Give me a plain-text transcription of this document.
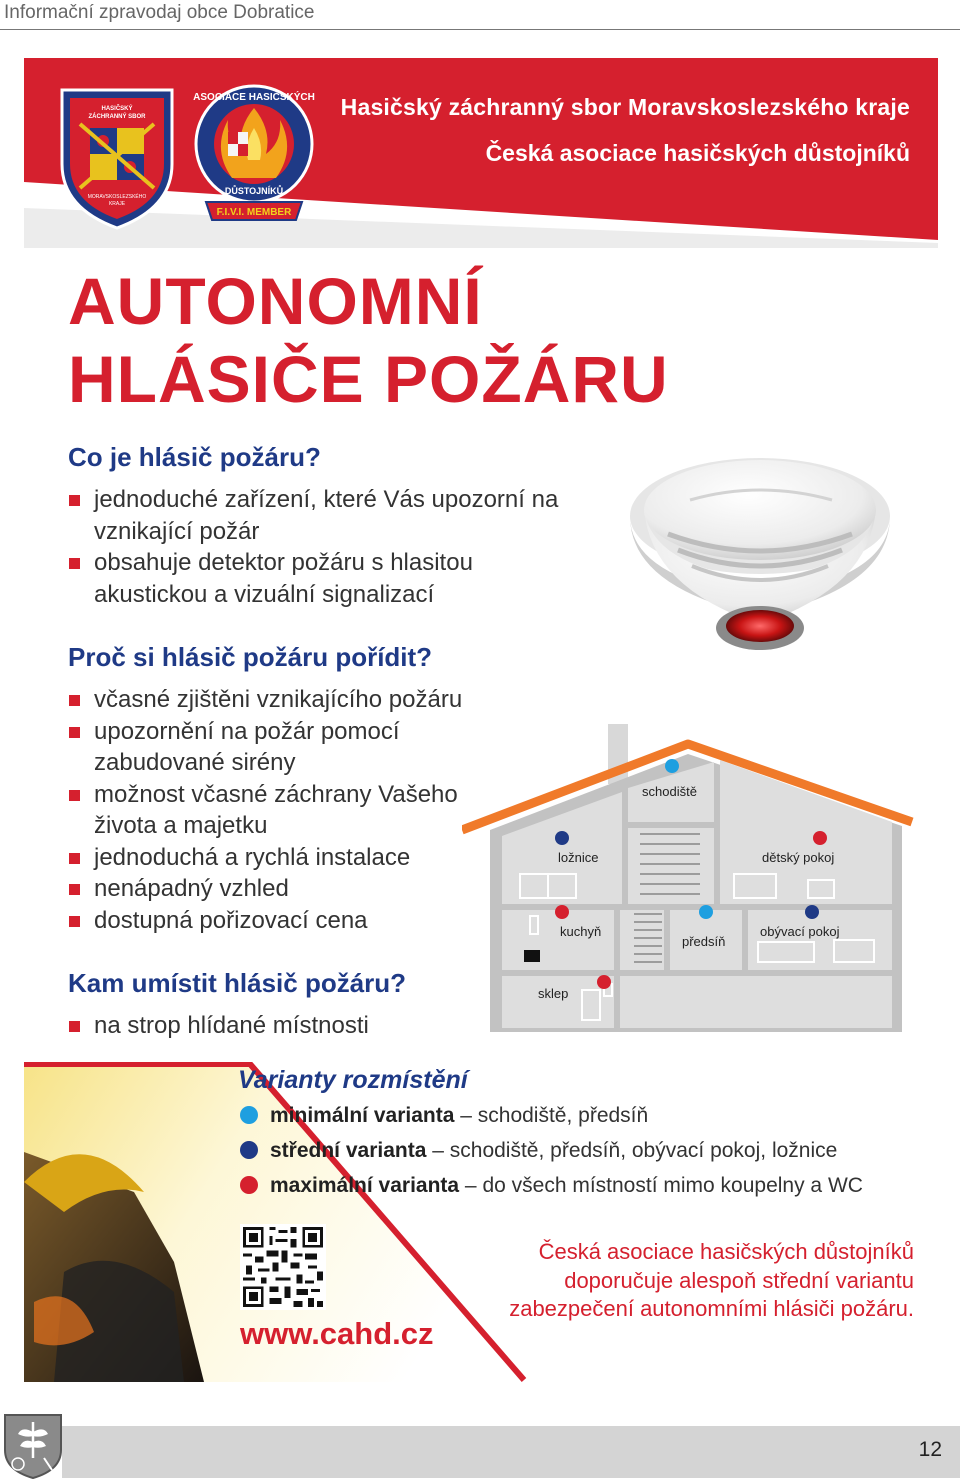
Informační zpravodaj obce Dobratice
Hasičský záchranný sbor Moravskoslezského kraje
Česká asociace hasičských důstojníků
HASIČSKÝ
ZÁCHRANNÝ SBOR
MORAVSKOSLEZSKÉHO
KRAJE
ASOCIACE HASIČSKÝCH
DŮSTOJNÍKŮ
F.I.V.I. MEMBER
AUTONOMNÍ
HLÁSIČE POŽÁRU
Co je hlásič požáru?
jednoduché zařízení, které Vás upozorní na vznikající požár
obsahuje detektor požáru s hlasitou akustickou a vizuální signalizací
Proč si hlásič požáru pořídit?
včasné zjištěni vznikajícího požáru
upozornění na požár pomocí zabudované sirény
možnost včasné záchrany Vašeho života a majetku
jednoduchá a rychlá instalace
nenápadný vzhled
dostupná pořizovací cena
Kam umístit hlásič požáru?
na strop hlídané místnosti
schodiště
ložnice	dětský pokoj
kuchyň
předsíň
obývací pokoj
sklep
Varianty rozmístění
minimální varianta – schodiště, předsíň
střední varianta – schodiště, předsíň, obývací pokoj, ložnice
maximální varianta – do všech místností mimo koupelny a WC
www.cahd.cz
Česká asociace hasičských důstojníků doporučuje alespoň střední variantu zabezpečení autonomními hlásiči požáru.
12
